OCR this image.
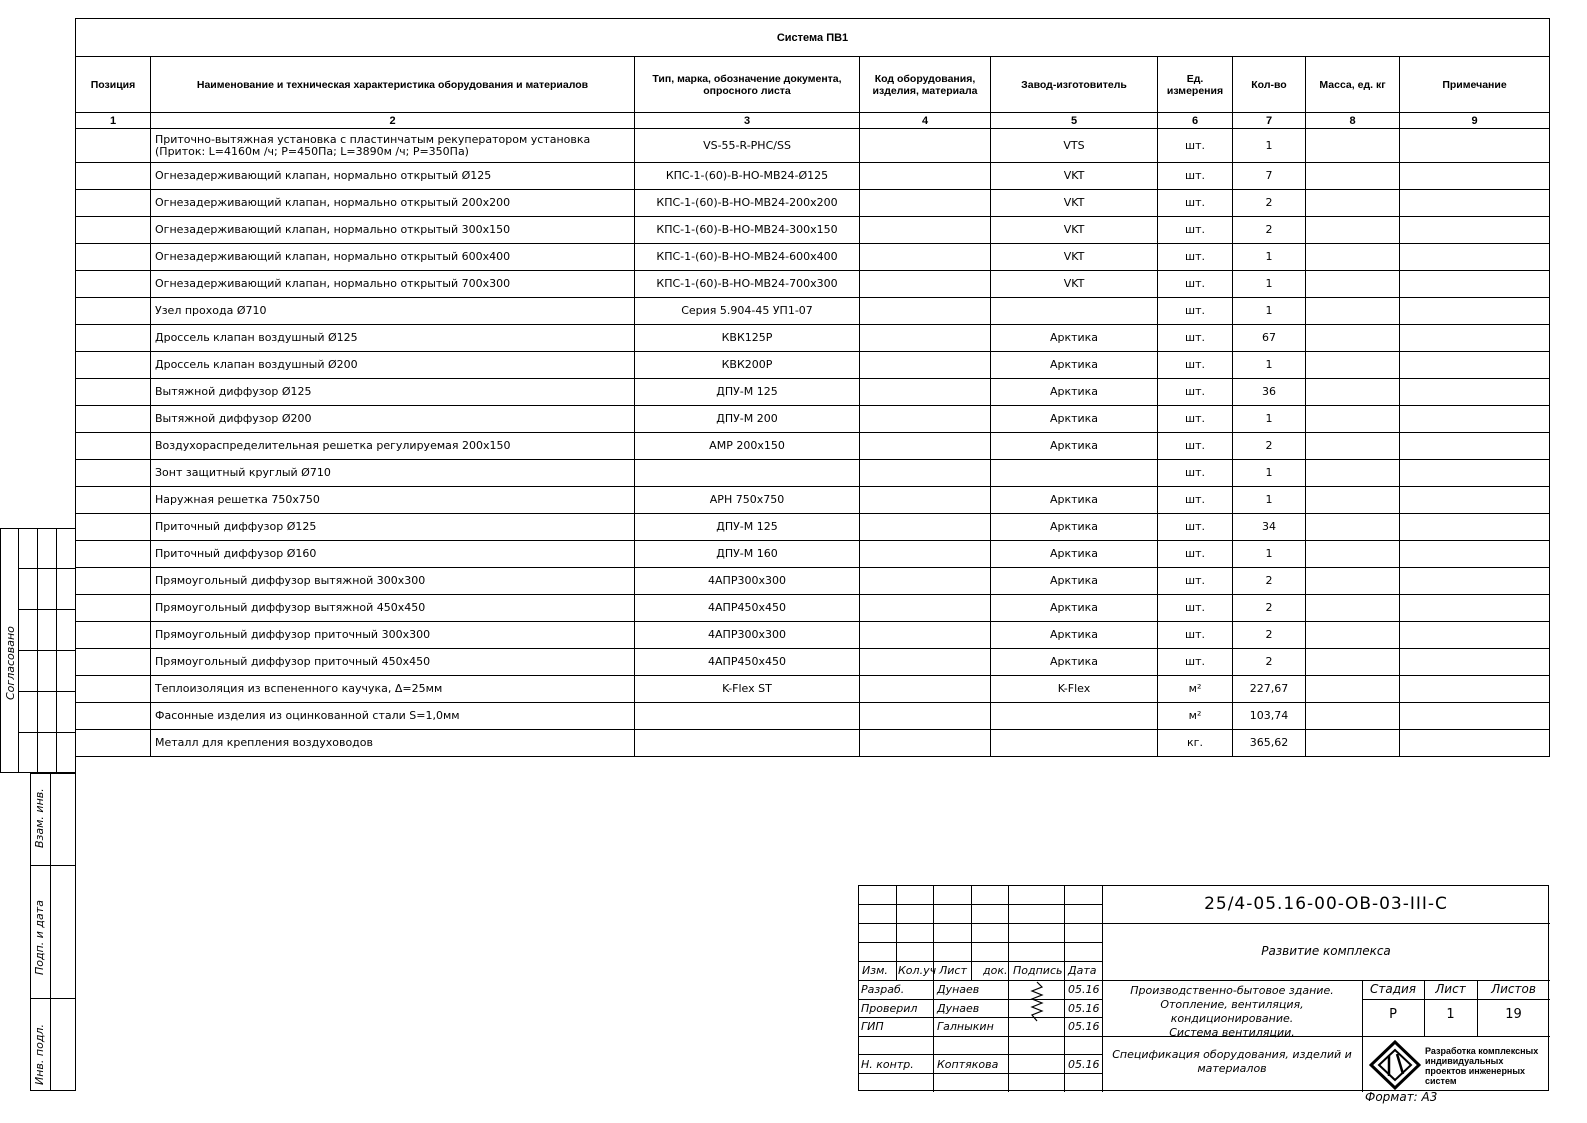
Система ПВ1								
Позиция	Наименование и техническая характеристика оборудования и материалов	Тип, марка, обозначение документа, опросного листа	Код оборудования, изделия, материала	Завод-изготовитель	Ед. измерения	Кол-во	Масса, ед. кг	Примечание
1	2	3	4	5	6	7	8	9
	Приточно-вытяжная установка с пластинчатым рекуператором установка (Приток: L=4160м /ч; P=450Па; L=3890м /ч; P=350Па)	VS-55-R-PHC/SS		VTS	шт.	1		
	Огнезадерживающий клапан, нормально открытый Ø125	КПС-1-(60)-В-НО-МВ24-Ø125		VKT	шт.	7		
	Огнезадерживающий клапан, нормально открытый 200x200	КПС-1-(60)-В-НО-МВ24-200x200		VKT	шт.	2		
	Огнезадерживающий клапан, нормально открытый 300x150	КПС-1-(60)-В-НО-МВ24-300x150		VKT	шт.	2		
	Огнезадерживающий клапан, нормально открытый 600x400	КПС-1-(60)-В-НО-МВ24-600x400		VKT	шт.	1		
	Огнезадерживающий клапан, нормально открытый 700x300	КПС-1-(60)-В-НО-МВ24-700x300		VKT	шт.	1		
	Узел прохода Ø710	Серия 5.904-45 УП1-07			шт.	1		
	Дроссель клапан воздушный Ø125	КВК125Р		Арктика	шт.	67		
	Дроссель клапан воздушный Ø200	КВК200Р		Арктика	шт.	1		
	Вытяжной диффузор Ø125	ДПУ-М 125		Арктика	шт.	36		
	Вытяжной диффузор Ø200	ДПУ-М 200		Арктика	шт.	1		
	Воздухораспределительная решетка регулируемая 200x150	АМР 200x150		Арктика	шт.	2		
	Зонт защитный круглый Ø710				шт.	1		
	Наружная решетка 750x750	АРН 750x750		Арктика	шт.	1		
	Приточный диффузор Ø125	ДПУ-М 125		Арктика	шт.	34		
	Приточный диффузор Ø160	ДПУ-М 160		Арктика	шт.	1		
	Прямоугольный диффузор вытяжной 300x300	4АПР300x300		Арктика	шт.	2		
	Прямоугольный диффузор вытяжной 450x450	4АПР450x450		Арктика	шт.	2		
	Прямоугольный диффузор приточный 300x300	4АПР300x300		Арктика	шт.	2		
	Прямоугольный диффузор приточный 450x450	4АПР450x450		Арктика	шт.	2		
	Теплоизоляция из вспененного каучука, Δ=25мм	K-Flex ST		K-Flex	м²	227,67		
	Фасонные изделия из оцинкованной стали S=1,0мм				м²	103,74		
	Металл для крепления воздуховодов				кг.	365,62		
Согласовано
Взам. инв.
Подп. и дата
Инв. подл.
Изм. Кол.уч Лист док. Подпись Дата
Разраб.	Дунаев	05.16
Проверил Дунаев	05.16
ГИП	Галныкин	05.16
Н. контр. Коптякова	05.16
25/4-05.16-00-ОВ-03-III-С
Развитие комплекса
Производственно-бытовое здание.
Отопление, вентиляция, кондиционирование.
Система вентиляции.
Спецификация оборудования, изделий и материалов
Стадия	Лист	Листов
Р	1	19
Разработка комплексных индивидуальных проектов инженерных систем
Формат: А3
